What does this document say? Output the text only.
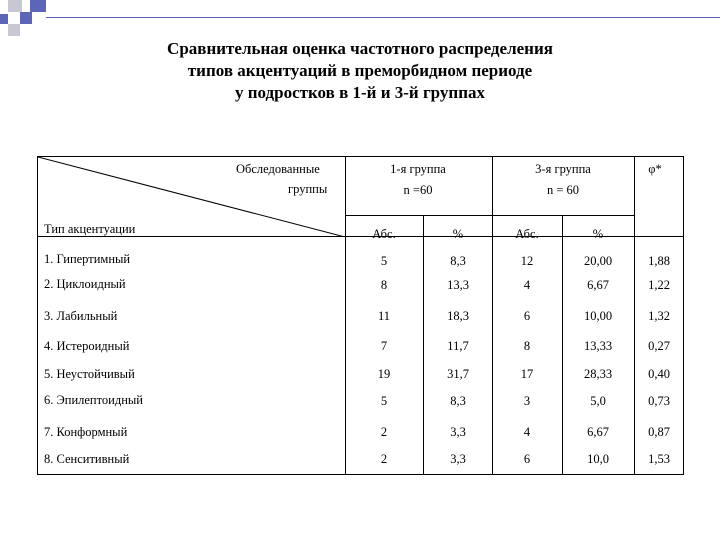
Сравнительная оценка частотного распределения
типов акцентуаций в преморбидном периоде
у подростков в 1-й и 3-й группах
Обследованные
группы
Тип акцентуации
1-я группа
n =60
3-я группа
n = 60
φ*
Абс.	%	Абс.	%
1. Гипертимный	5	8,3	12	20,00	1,88
2. Циклоидный	8	13,3	4	6,67	1,22
3. Лабильный	11	18,3	6	10,00	1,32
4. Истероидный	7	11,7	8	13,33	0,27
5. Неустойчивый	19	31,7	17	28,33	0,40
6. Эпилептоидный	5	8,3	3	5,0	0,73
7. Конформный	2	3,3	4	6,67	0,87
8. Сенситивный	2	3,3	6	10,0	1,53
